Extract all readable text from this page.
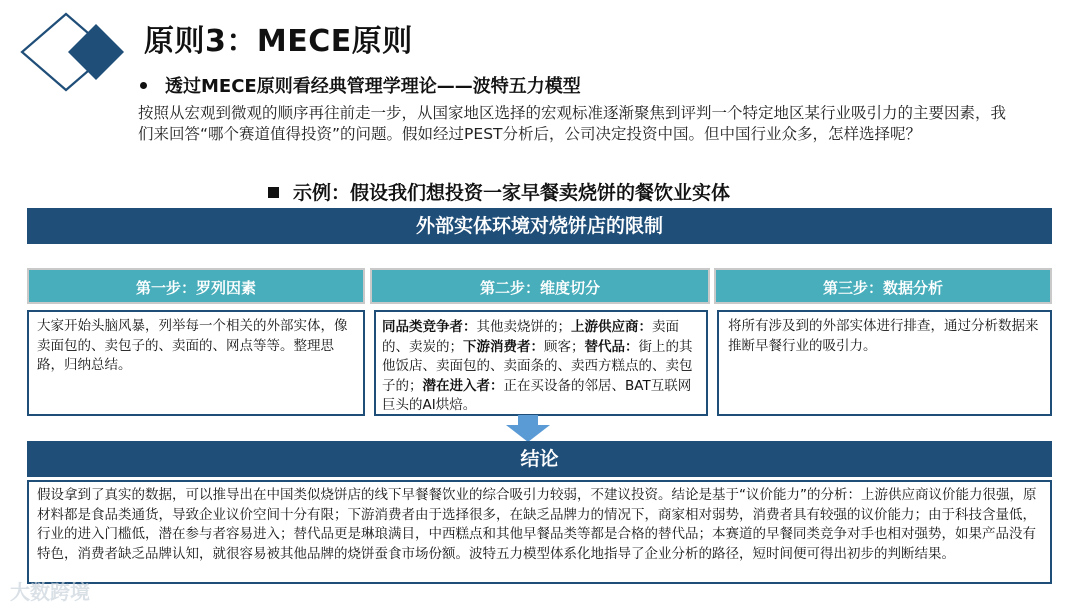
原则3：MECE原则
透过MECE原则看经典管理学理论——波特五力模型
按照从宏观到微观的顺序再往前走一步，从国家地区选择的宏观标准逐渐聚焦到评判一个特定地区某行业吸引力的主要因素，我们来回答“哪个赛道值得投资”的问题。假如经过PEST分析后，公司决定投资中国。但中国行业众多，怎样选择呢？
示例：假设我们想投资一家早餐卖烧饼的餐饮业实体
外部实体环境对烧饼店的限制
第一步：罗列因素	第二步：维度切分	第三步：数据分析
大家开始头脑风暴，列举每一个相关的外部实体，像卖面包的、卖包子的、卖面的、网点等等。整理思路，归纳总结。
同品类竞争者：其他卖烧饼的；上游供应商：卖面的、卖炭的；下游消费者：顾客；替代品：街上的其他饭店、卖面包的、卖面条的、卖西方糕点的、卖包子的；潜在进入者：正在买设备的邻居、BAT互联网巨头的AI烘焙。
将所有涉及到的外部实体进行排查，通过分析数据来推断早餐行业的吸引力。
结论
假设拿到了真实的数据，可以推导出在中国类似烧饼店的线下早餐餐饮业的综合吸引力较弱，不建议投资。结论是基于“议价能力”的分析：上游供应商议价能力很强，原材料都是食品类通货，导致企业议价空间十分有限；下游消费者由于选择很多，在缺乏品牌力的情况下，商家相对弱势，消费者具有较强的议价能力；由于科技含量低，行业的进入门槛低，潜在参与者容易进入；替代品更是琳琅满目，中西糕点和其他早餐品类等都是合格的替代品；本赛道的早餐同类竞争对手也相对强势，如果产品没有特色，消费者缺乏品牌认知，就很容易被其他品牌的烧饼蚕食市场份额。波特五力模型体系化地指导了企业分析的路径，短时间便可得出初步的判断结果。
大数跨境
